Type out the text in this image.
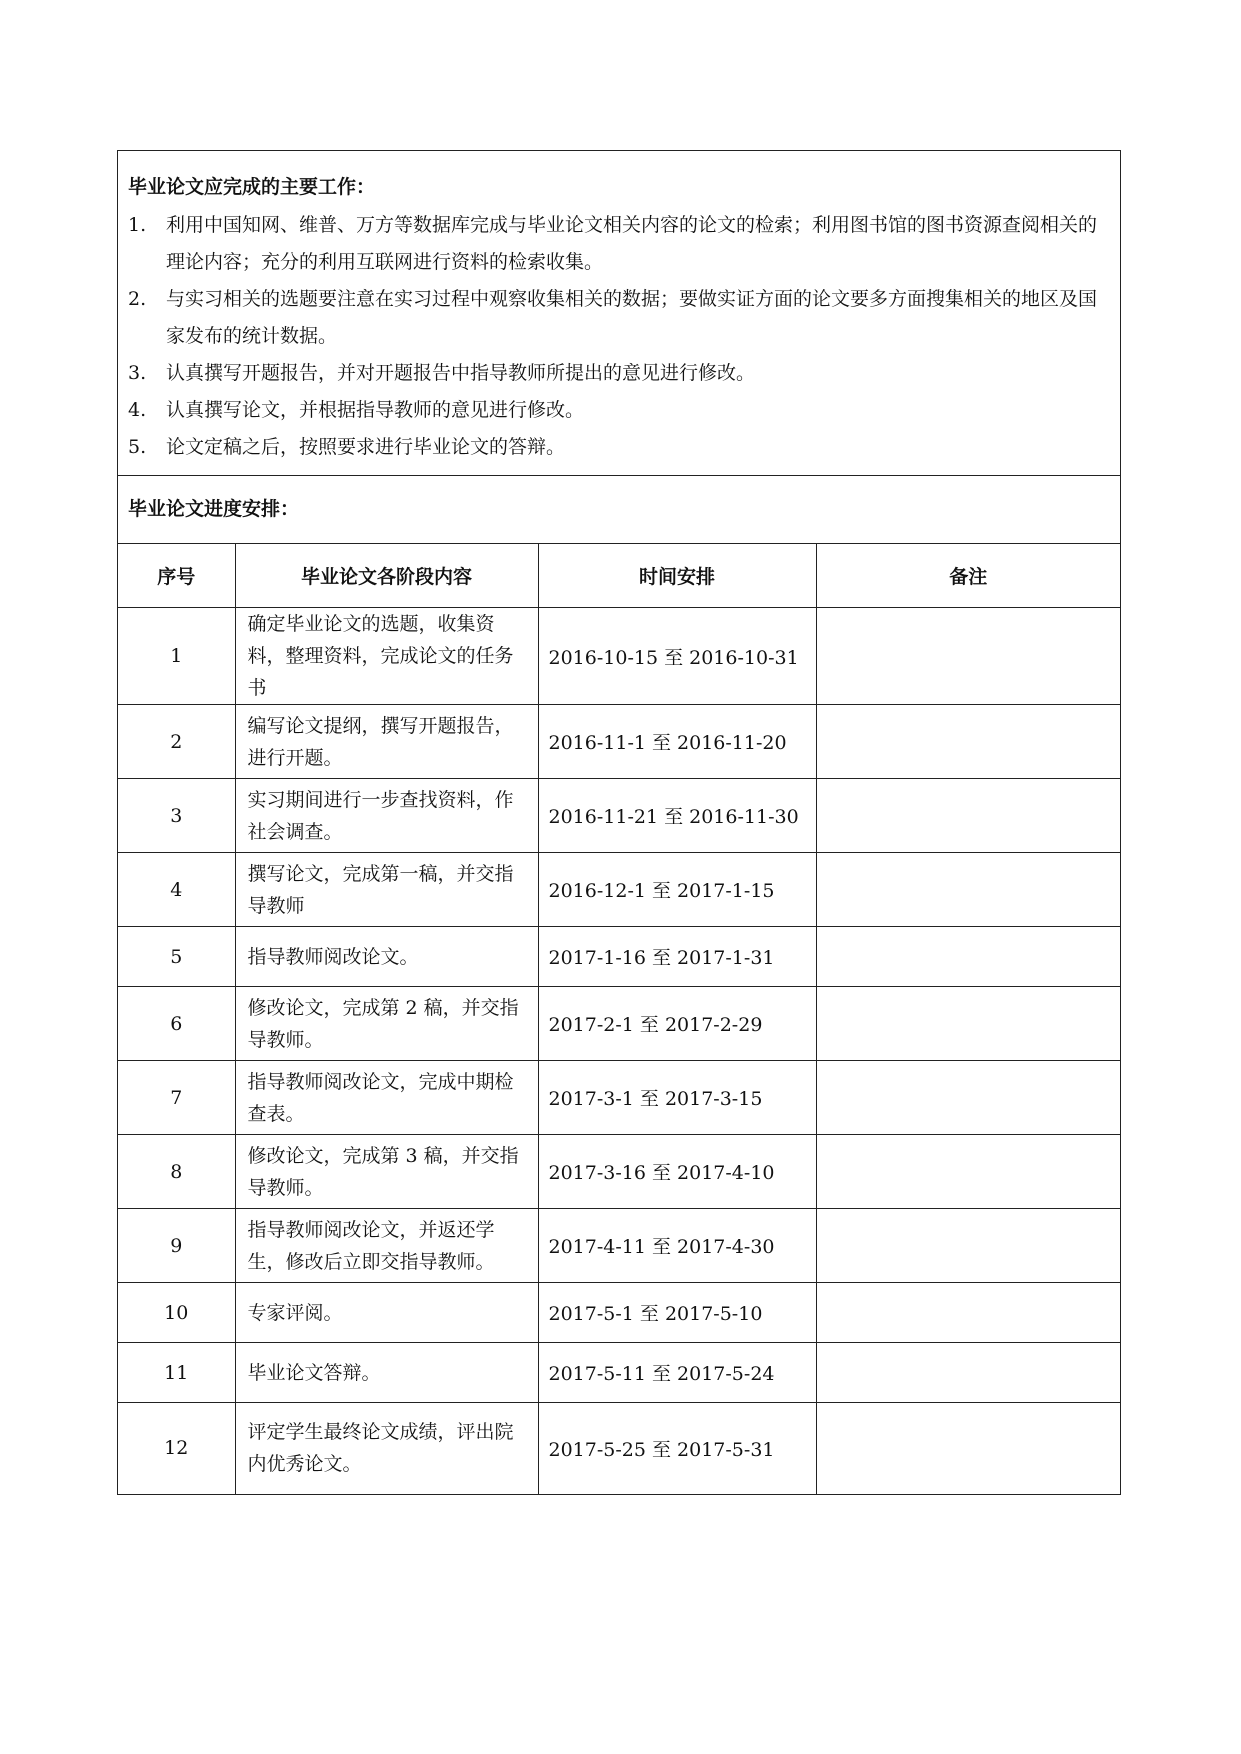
毕业论文应完成的主要工作：
1.	利用中国知网、维普、万方等数据库完成与毕业论文相关内容的论文的检索；利用图书馆的图书资源查阅相关的理论内容；充分的利用互联网进行资料的检索收集。
2.	与实习相关的选题要注意在实习过程中观察收集相关的数据；要做实证方面的论文要多方面搜集相关的地区及国家发布的统计数据。
3.	认真撰写开题报告，并对开题报告中指导教师所提出的意见进行修改。
4.	认真撰写论文，并根据指导教师的意见进行修改。
5.	论文定稿之后，按照要求进行毕业论文的答辩。
毕业论文进度安排：
序号	毕业论文各阶段内容	时间安排	备注
1	确定毕业论文的选题，收集资料，整理资料，完成论文的任务书	2016-10-15 至 2016-10-31	
2	编写论文提纲，撰写开题报告，进行开题。	2016-11-1 至 2016-11-20	
3	实习期间进行一步查找资料，作社会调查。	2016-11-21 至 2016-11-30	
4	撰写论文，完成第一稿，并交指导教师	2016-12-1 至 2017-1-15	
5	指导教师阅改论文。	2017-1-16 至 2017-1-31	
6	修改论文，完成第 2 稿，并交指导教师。	2017-2-1 至 2017-2-29	
7	指导教师阅改论文，完成中期检查表。	2017-3-1 至 2017-3-15	
8	修改论文，完成第 3 稿，并交指导教师。	2017-3-16 至 2017-4-10	
9	指导教师阅改论文，并返还学生，修改后立即交指导教师。	2017-4-11 至 2017-4-30	
10	专家评阅。	2017-5-1 至 2017-5-10	
11	毕业论文答辩。	2017-5-11 至 2017-5-24	
12	评定学生最终论文成绩，评出院内优秀论文。	2017-5-25 至 2017-5-31	
